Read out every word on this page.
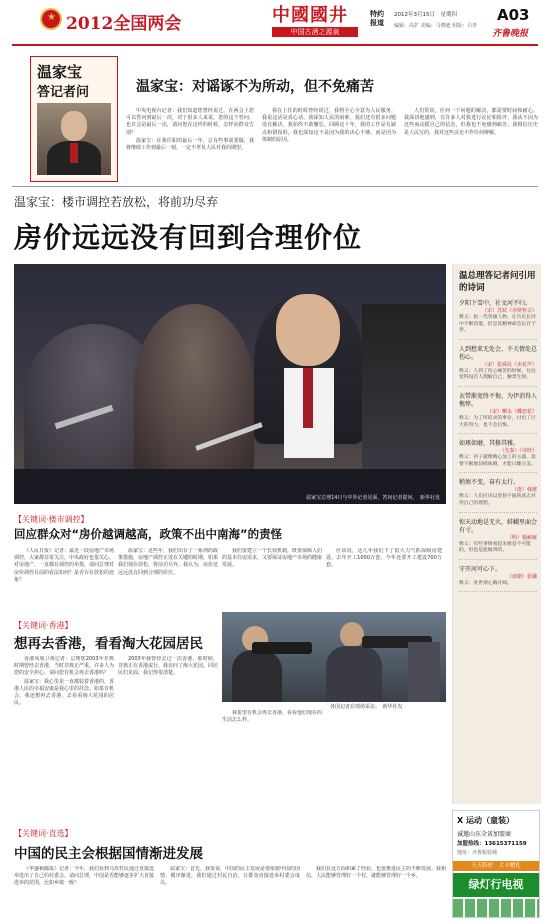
★ 2012全国两会	中國國井
中国古酒之源泉
特约报道
2012年3月15日　星期四
编辑：高扩 美编：马晓迪 组版：吕青
A03
齐鲁晚报
温家宝
答记者问	温家宝：对谣诼不为所动，但不免痛苦

中央电视台记者：我们知道您曾经说过，在两会上您可以答问到最后一次，对于很多人来说，您的这个答问，也许会是最后一次，请问您在这样的时候，怎样向群众告别？

温家宝：在我任职的最后一年，总有些事需要做，我将继续工作到最后一刻，一定不辜负人民对我的期望。

我在上任的时候曾经说过，我将全心全意为人民服务。我说这话是真心话，我深知人民的困难，我们还有很多问题没有解决，我始终不敢懈怠。回顾这十年，我的工作是有缺点和错误的，我也深知这不是因为我的决心不够，而是因为体制的原因。

人们常说，任何一个问题的解决，都需要时间和耐心。我深切地感到，有许多人对我进行议论和批评，我从不因为这些而动摇自己的信念，但我也不免感到痛苦。我相信历史是人民写的，我对这些议论不作任何辩解。

温家宝：楼市调控若放松，将前功尽弃
房价远远没有回到合理价位
温家宝总理14日与中外记者见面，答问记者提问。　新华社发
【关键词·楼市调控】
回应群众对“房价越调越高，政策不出中南海”的责怪

《人民日报》记者：最近一段房地产市场调控，大家都非常关注，中央政府也很关心。对房地产，一直都有调控的举措，请问总理对房价调控目前的看法如何？是否存在放松的迹象？

温家宝：这些年，我们出台了一系列的政策措施，房地产调控正处在关键的时期，如果我们现在放松，将前功尽弃。我认为，房价还远远没有回到合理的价位。

我们要建立一个长效机制，既要保障人们的基本住房需求，又要保证房地产市场的健康发展。

应该说，这几年我们下了很大力气抓保障房建设，去年开工1000万套，今年还要开工建设700万套。

【关键词·香港】
想再去香港，看看淘大花园居民

香港凤凰卫视记者：总理您2003年非典时期曾经去香港，当时非典正严重，许多人为您的安全担心。请问您有机会再去香港吗？

温家宝：我心里是一直都装着香港的，香港人民的幸福安康是我心里的挂念。如果有机会，我还想再去香港，去看看淘大花园的居民。

2003年我曾经去过一次香港，那时候，非典正在香港流行。我访问了淘大花园，同居民们见面，我记得很清楚。

我希望有机会再去香港，看看他们现在的生活怎么样。

各国记者在现场采访。　新华社发
【关键词·直选】
中国的民主会根据国情渐进发展

《华盛顿邮报》记者：今年，我们看到乌坎村民通过直接选举选出了自己的村委会。请问总理，中国是否能够逐步扩大直接选举的范围，比如乡镇一级？

温家宝：首先，我要说，中国的民主发展是要依据中国的国情，循序渐进。我们通过村民自治，让群众直接选举村委会成员。

我们在这方面积累了经验，也要推进民主的不断发展。我相信，人民能够管理好一个村，就能够管理好一个乡。

温总理答记者问引用的诗词
夕阳下雪中，社文河不归。
（宋）苏轼《赤壁怀古》
释义：指一代英雄人物，在历史长河中不断消逝，但是其精神却会长存于世。
人到愁来无处会，不关情处总伤心。
（宋）张舜民《卖花声》
释义：人到了伤心痛苦的时候，往往觉得没有人理解自己，触景生情。
衣带渐宽终不悔，为伊消得人憔悴。
（宋）柳永《蝶恋花》
释义：为了所追求的事业，付出了巨大的努力，也不会后悔。
如琢如磨，其修其雅。
（先秦）《诗经》
释义：君子就像精心加工的玉器，需要不断地切磋琢磨，才能日臻完美。
稍须不变，奋有太行。
（唐）韩愈
释义：人们应该以坚韧不拔的意志对待自己的理想。
惊天动地是无火，蚌蝴里面会有寸。
（明）施耐庵
释义：有些事情看起来像是不可能的，但也是能做到的。
守开河可心下。
（南朝）张融
释义：处世须心胸开阔。
X 运动（童装）
诚邀山东全省加盟商
加盟热线：13615371159
地址：齐鲁服装城
天天特价　大卡赠礼
绿灯行电视
